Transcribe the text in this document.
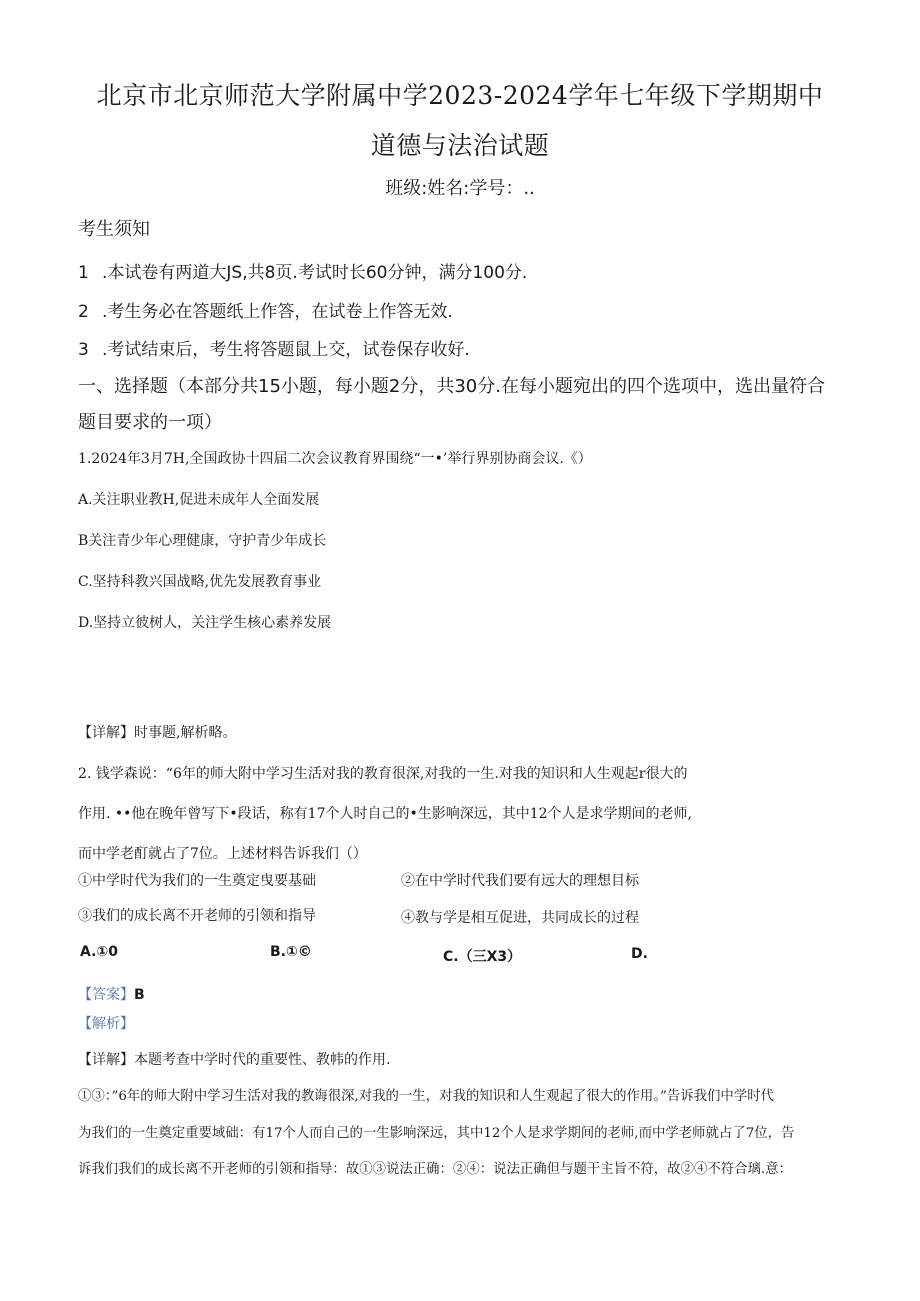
北京市北京师范大学附属中学2023-2024学年七年级下学期期中
道德与法治试题
班级:姓名:学号：..
考生须知
1 .本试卷有两道大JS,共8页.考试时长60分钟，满分100分.
2 .考生务必在答题纸上作答，在试卷上作答无效.
3 .考试结束后，考生将答题鼠上交，试卷保存收好.
一、选择题（本部分共15小题，每小题2分，共30分.在每小题宛出的四个选项中，选出量符合
题目要求的一项）
1.2024年3月7H,全国政协十四届二次会议教育界围绕“一•’举行界别协商会议.《）
A.关注职业教H,促进未成年人全面发展
B关注青少年心理健康，守护青少年成长
C.坚持科教兴国战略,优先发展教育事业
D.坚持立彼树人，关注学生核心素养发展
【详解】时事题,解析略。
2. 钱学森说：“6年的师大附中学习生活对我的教育很深,对我的一生.对我的知识和人生观起r很大的
作用. ••他在晚年曾写下•段话，称有17个人时自己的•生影响深远，其中12个人是求学期间的老师,
而中学老酊就占了7位。上述材料告诉我们（）
①中学时代为我们的一生奠定曳要基础	②在中学时代我们要有远大的理想目标
③我们的成长离不开老师的引领和指导	④教与学是相互促进，共同成长的过程
A.①0	B.①©	C.（三X3）	D.
【答案】B
【解析】
【详解】本题考查中学时代的重要性、教帏的作用.
①③：”6年的师大附中学习生活对我的教诲很深,对我的一生，对我的知识和人生观起了很大的作用。”告诉我们中学时代
为我们的一生奠定重要域础：有17个人而自己的一生影响深远，其中12个人是求学期间的老师,而中学老师就占了7位，告
诉我们我们的成长离不开老师的引领和指导：故①③说法正确：②④：说法正确但与题干主旨不符，故②④不符合璃.意：
